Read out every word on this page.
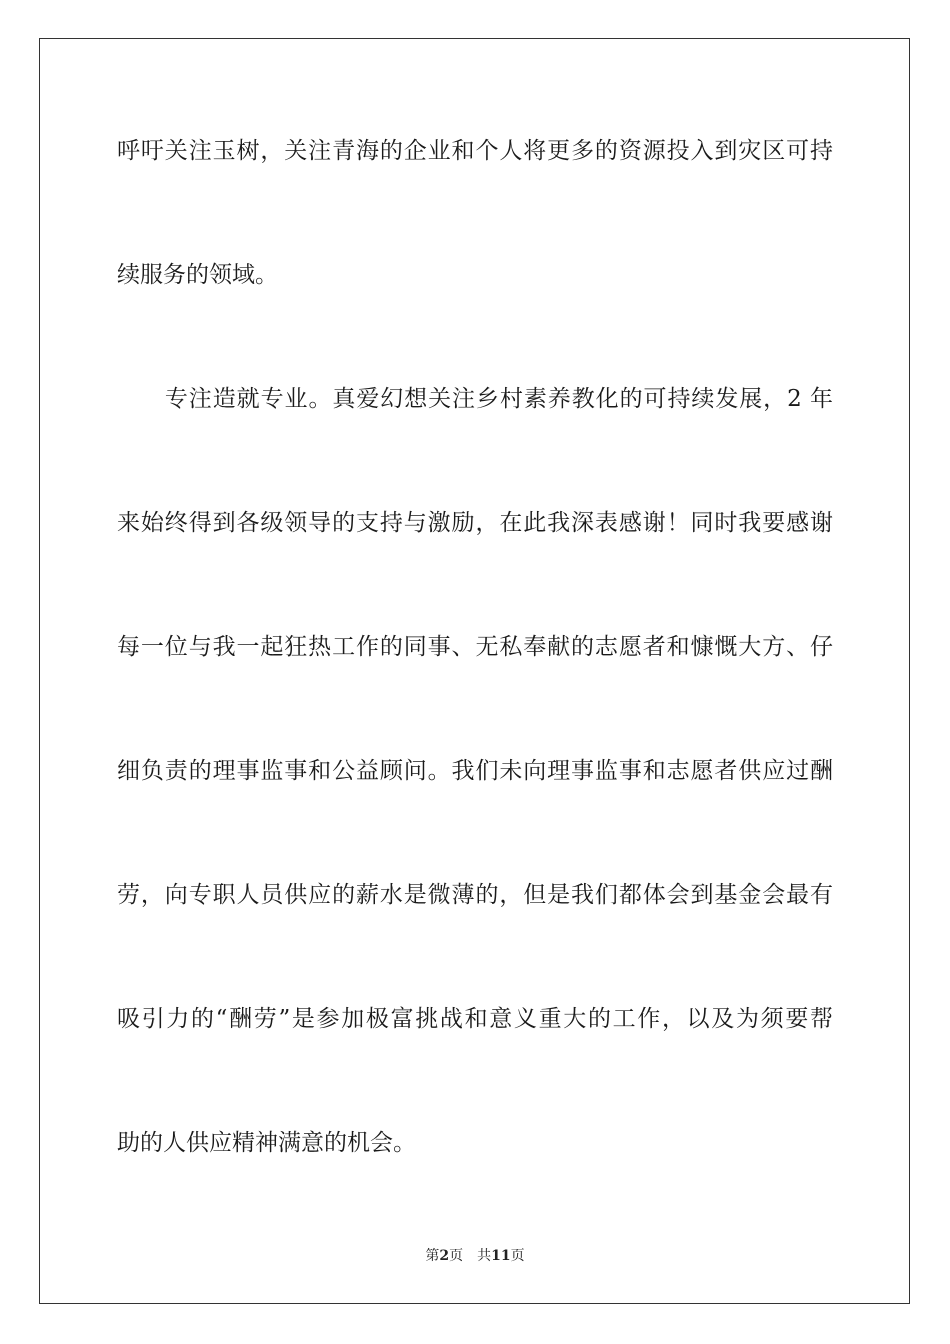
呼吁关注玉树，关注青海的企业和个人将更多的资源投入到灾区可持
续服务的领域。
　　专注造就专业。真爱幻想关注乡村素养教化的可持续发展，2 年
来始终得到各级领导的支持与激励，在此我深表感谢！同时我要感谢
每一位与我一起狂热工作的同事、无私奉献的志愿者和慷慨大方、仔
细负责的理事监事和公益顾问。我们未向理事监事和志愿者供应过酬
劳，向专职人员供应的薪水是微薄的，但是我们都体会到基金会最有
吸引力的“酬劳”是参加极富挑战和意义重大的工作，以及为须要帮
助的人供应精神满意的机会。
第2页 共11页
